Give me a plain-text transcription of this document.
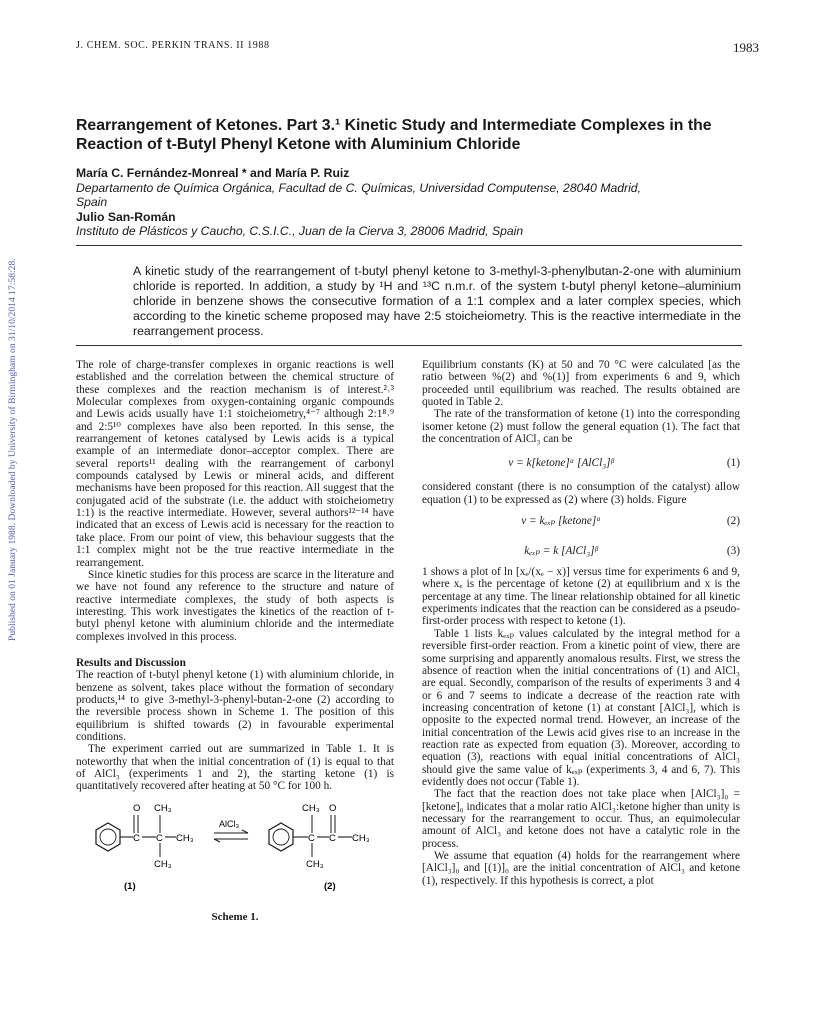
Published on 01 January 1988. Downloaded by University of Birmingham on 31/10/2014 17:58:28.
J. CHEM. SOC. PERKIN TRANS. II 1988	1983
Rearrangement of Ketones. Part 3.¹ Kinetic Study and Intermediate Complexes in the Reaction of t-Butyl Phenyl Ketone with Aluminium Chloride
María C. Fernández-Monreal * and María P. Ruiz
Departamento de Química Orgánica, Facultad de C. Químicas, Universidad Computense, 28040 Madrid,
Spain
Julio San-Román
Instituto de Plásticos y Caucho, C.S.I.C., Juan de la Cierva 3, 28006 Madrid, Spain
A kinetic study of the rearrangement of t-butyl phenyl ketone to 3-methyl-3-phenylbutan-2-one with aluminium chloride is reported. In addition, a study by ¹H and ¹³C n.m.r. of the system t-butyl phenyl ketone–aluminium chloride in benzene shows the consecutive formation of a 1:1 complex and a later complex species, which according to the kinetic scheme proposed may have 2:5 stoicheiometry. This is the reactive intermediate in the rearrangement process.

The role of charge-transfer complexes in organic reactions is well established and the correlation between the chemical structure of these complexes and the reaction mechanism is of interest.²˒³ Molecular complexes from oxygen-containing organic compounds and Lewis acids usually have 1:1 stoicheiometry,⁴⁻⁷ although 2:1⁸˒⁹ and 2:5¹⁰ complexes have also been reported. In this sense, the rearrangement of ketones catalysed by Lewis acids is a typical example of an intermediate donor–acceptor complex. There are several reports¹¹ dealing with the rearrangement of carbonyl compounds catalysed by Lewis or mineral acids, and different mechanisms have been proposed for this reaction. All suggest that the conjugated acid of the substrate (i.e. the adduct with stoicheiometry 1:1) is the reactive intermediate. However, several authors¹²⁻¹⁴ have indicated that an excess of Lewis acid is necessary for the reaction to take place. From our point of view, this behaviour suggests that the 1:1 complex might not be the true reactive intermediate in the rearrangement.

Since kinetic studies for this process are scarce in the literature and we have not found any reference to the structure and nature of reactive intermediate complexes, the study of both aspects is interesting. This work investigates the kinetics of the reaction of t-butyl phenyl ketone with aluminium chloride and the intermediate complexes involved in this process.

Results and Discussion

The reaction of t-butyl phenyl ketone (1) with aluminium chloride, in benzene as solvent, takes place without the formation of secondary products,¹⁴ to give 3-methyl-3-phenyl-butan-2-one (2) according to the reversible process shown in Scheme 1. The position of this equilibrium is shifted towards (2) in favourable experimental conditions.

The experiment carried out are summarized in Table 1. It is noteworthy that when the initial concentration of (1) is equal to that of AlCl₃ (experiments 1 and 2), the starting ketone (1) is quantitatively recovered after heating at 50 °C for 100 h.

C
O
C
CH₃
CH₃
CH₃
AlCl₃
C
CH₃
CH₃
C
O
CH₃
(1)	(2)
Scheme 1.

Equilibrium constants (K) at 50 and 70 °C were calculated [as the ratio between %(2) and %(1)] from experiments 6 and 9, which proceeded until equilibrium was reached. The results obtained are quoted in Table 2.

The rate of the transformation of ketone (1) into the corresponding isomer ketone (2) must follow the general equation (1). The fact that the concentration of AlCl₃ can be

v = k[ketone]ᵅ [AlCl₃]ᵝ	(1)

considered constant (there is no consumption of the catalyst) allow equation (1) to be expressed as (2) where (3) holds. Figure

v = kₑₓₚ [ketone]ᵅ	(2)
kₑₓₚ = k [AlCl₃]ᵝ	(3)

1 shows a plot of ln [xₑ/(xₑ − x)] versus time for experiments 6 and 9, where xₑ is the percentage of ketone (2) at equilibrium and x is the percentage at any time. The linear relationship obtained for all kinetic experiments indicates that the reaction can be considered as a pseudo-first-order process with respect to ketone (1).

Table 1 lists kₑₓₚ values calculated by the integral method for a reversible first-order reaction. From a kinetic point of view, there are some surprising and apparently anomalous results. First, we stress the absence of reaction when the initial concentrations of (1) and AlCl₃ are equal. Secondly, comparison of the results of experiments 3 and 4 or 6 and 7 seems to indicate a decrease of the reaction rate with increasing concentration of ketone (1) at constant [AlCl₃], which is opposite to the expected normal trend. However, an increase of the initial concentration of the Lewis acid gives rise to an increase in the reaction rate as expected from equation (3). Moreover, according to equation (3), reactions with equal initial concentrations of AlCl₃ should give the same value of kₑₓₚ (experiments 3, 4 and 6, 7). This evidently does not occur (Table 1).

The fact that the reaction does not take place when [AlCl₃]₀ = [ketone]₀ indicates that a molar ratio AlCl₃:ketone higher than unity is necessary for the rearrangement to occur. Thus, an equimolecular amount of AlCl₃ and ketone does not have a catalytic role in the process.

We assume that equation (4) holds for the rearrangement where [AlCl₃]₀ and [(1)]₀ are the initial concentration of AlCl₃ and ketone (1), respectively. If this hypothesis is correct, a plot
